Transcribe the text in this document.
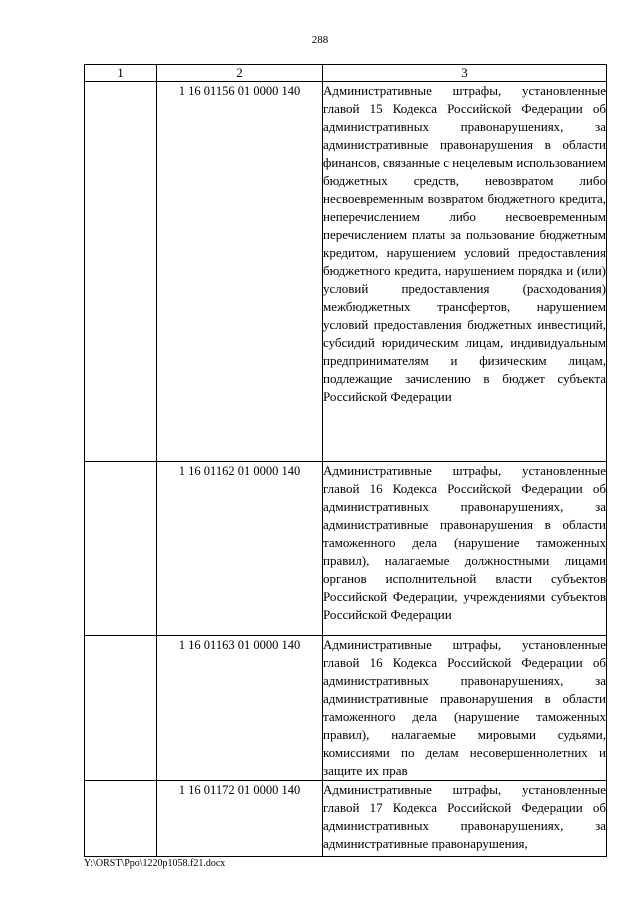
288
1	2	3
	1 16 01156 01 0000 140	Административные штрафы, установленные главой 15 Кодекса Российской Федерации об административных правонарушениях, за административные правонарушения в области финансов, связанные с нецелевым использованием бюджетных средств, невозвратом либо несвоевременным возвратом бюджетного кредита, неперечислением либо несвоевременным перечислением платы за пользование бюджетным кредитом, нарушением условий предоставления бюджетного кредита, нарушением порядка и (или) условий предоставления (расходования) межбюджетных трансфертов, нарушением условий предоставления бюджетных инвестиций, субсидий юридическим лицам, индивидуальным предпринимателям и физическим лицам, подлежащие зачислению в бюджет субъекта Российской Федерации
	1 16 01162 01 0000 140	Административные штрафы, установленные главой 16 Кодекса Российской Федерации об административных правонарушениях, за административные правонарушения в области таможенного дела (нарушение таможенных правил), налагаемые должностными лицами органов исполнительной власти субъектов Российской Федерации, учреждениями субъектов Российской Федерации
	1 16 01163 01 0000 140	Административные штрафы, установленные главой 16 Кодекса Российской Федерации об административных правонарушениях, за административные правонарушения в области таможенного дела (нарушение таможенных правил), налагаемые мировыми судьями, комиссиями по делам несовершеннолетних и защите их прав
	1 16 01172 01 0000 140	Административные штрафы, установленные главой 17 Кодекса Российской Федерации об административных правонарушениях, за административные правонарушения,
Y:\ORST\Ppo\1220p1058.f21.docx
